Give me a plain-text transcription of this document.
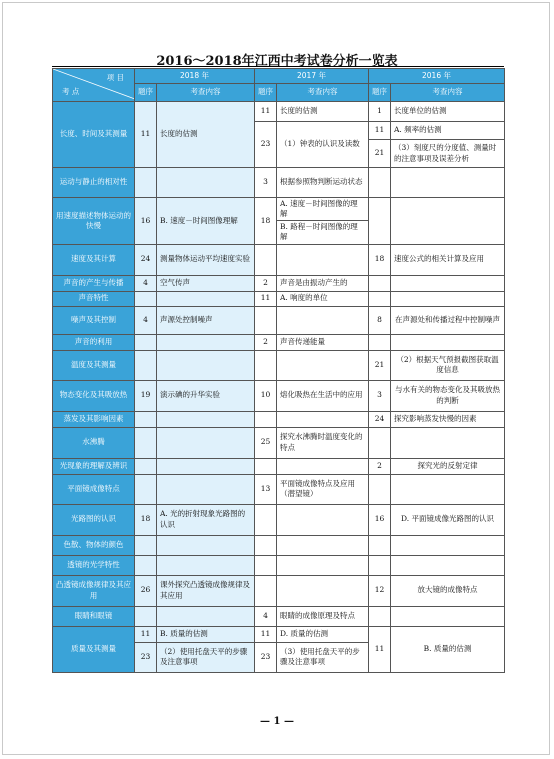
2016～2018年江西中考试卷分析一览表
项 目
考 点	2018 年		2017 年		2016 年	
	题序	考查内容	题序	考查内容	题序	考查内容
长度、时间及其测量	11	长度的估测	11	长度的估测	1	长度单位的估测
			23	（1）钟表的认识及读数	11	A. 频率的估测
					21	（3）刻度尺的分度值、测量时的注意事项及误差分析

运动与静止的相对性			3	根据参照物判断运动状态		
用速度描述物体运动的快慢	16	B. 速度－时间图像理解	18	A. 速度－时间图像的理解		
				B. 路程－时间图像的理解		
速度及其计算	24	测量物体运动平均速度实验			18	速度公式的相关计算及应用
声音的产生与传播	4	空气传声	2	声音是由振动产生的		
声音特性			11	A. 响度的单位		
噪声及其控制	4	声源处控制噪声			8	在声源处和传播过程中控制噪声
声音的利用			2	声音传递能量		
温度及其测量					21	（2）根据天气预报截图获取温度信息
物态变化及其吸放热	19	演示碘的升华实验	10	熔化吸热在生活中的应用	3	与水有关的物态变化及其吸放热的判断
蒸发及其影响因素					24	探究影响蒸发快慢的因素
水沸腾			25	探究水沸腾时温度变化的特点		
光现象的理解及辨识					2	探究光的反射定律
平面镜成像特点			13	平面镜成像特点及应用（潜望镜）		
光路图的认识	18	A. 光的折射现象光路图的认识			16	D. 平面镜成像光路图的认识
色散、物体的颜色						
透镜的光学特性						
凸透镜成像规律及其应用	26	课外探究凸透镜成像规律及其应用			12	放大镜的成像特点
眼睛和眼镜			4	眼睛的成像原理及特点		
质量及其测量	11	B. 质量的估测	11	D. 质量的估测	11	B. 质量的估测
	23	（2）使用托盘天平的步骤及注意事项	23	（3）使用托盘天平的步骤及注意事项		
— 1 —
